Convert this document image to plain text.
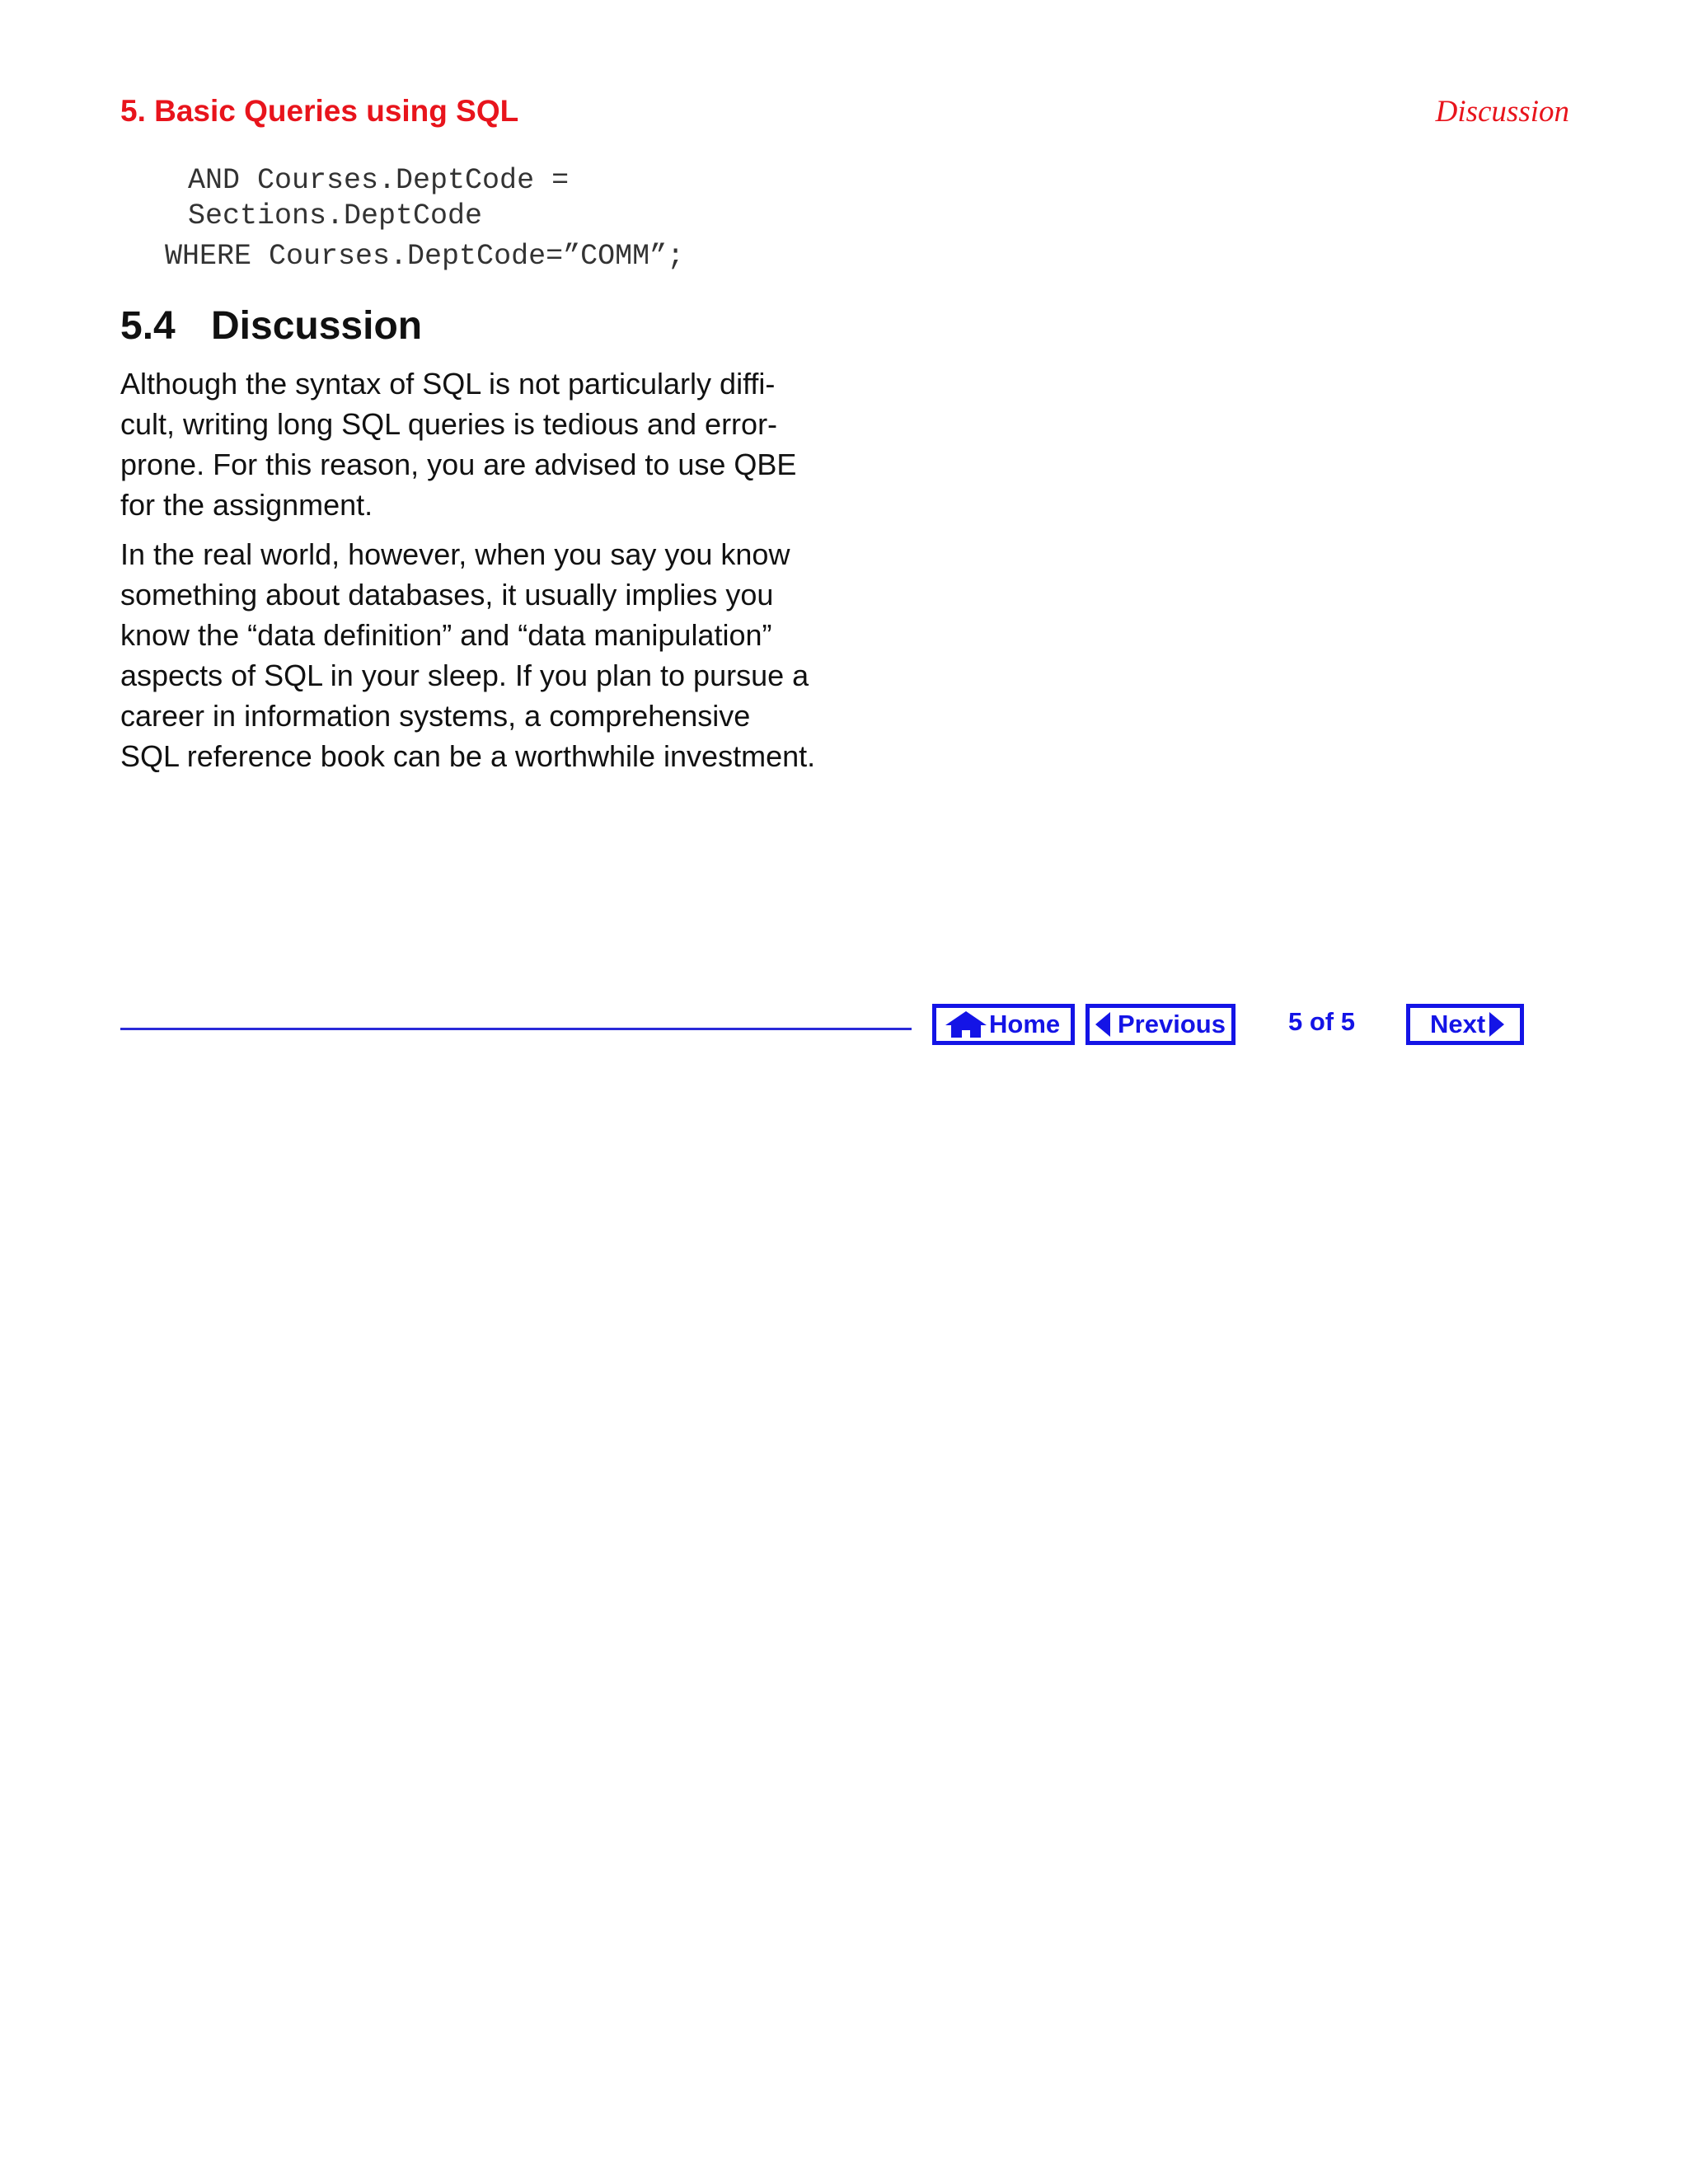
5. Basic Queries using SQL	Discussion
AND Courses.DeptCode =
Sections.DeptCode
WHERE Courses.DeptCode=”COMM”;
5.4 Discussion
Although the syntax of SQL is not particularly diffi-
cult, writing long SQL queries is tedious and error-
prone. For this reason, you are advised to use QBE
for the assignment.
In the real world, however, when you say you know
something about databases, it usually implies you
know the “data definition” and “data manipulation”
aspects of SQL in your sleep. If you plan to pursue a
career in information systems, a comprehensive
SQL reference book can be a worthwhile investment.
Home Previous 5 of 5	Next
